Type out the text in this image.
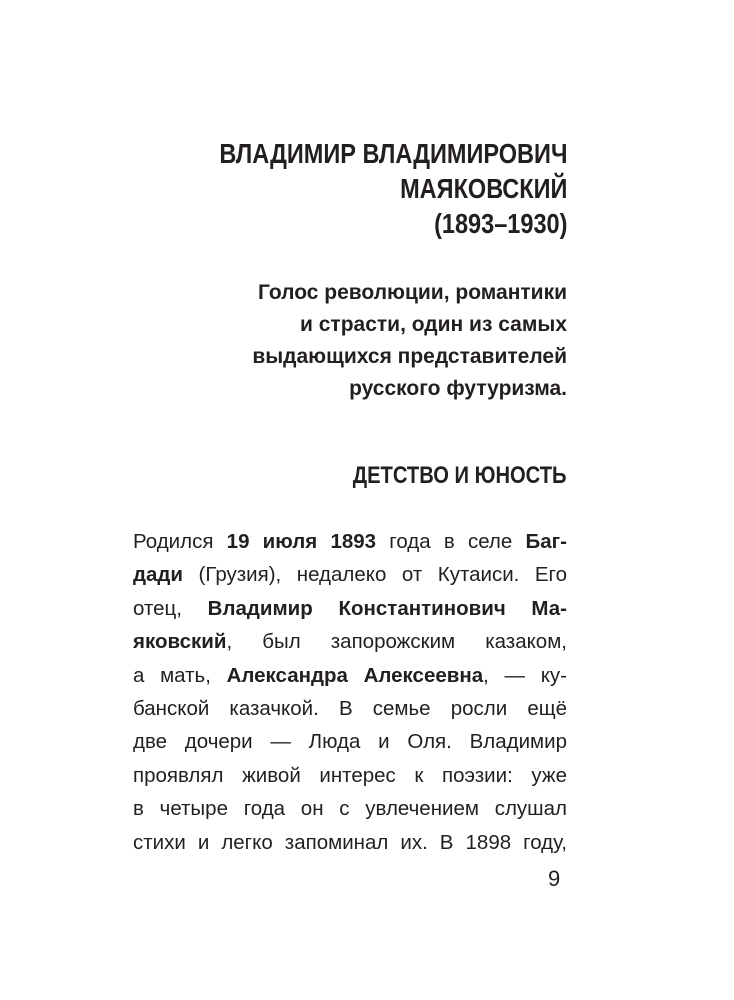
ВЛАДИМИР ВЛАДИМИРОВИЧ
МАЯКОВСКИЙ
(1893–1930)
Голос революции, романтики
и страсти, один из самых
выдающихся представителей
русского футуризма.
ДЕТСТВО И ЮНОСТЬ
Родился 19 июля 1893 года в селе Баг-
дади (Грузия), недалеко от Кутаиси. Его
отец, Владимир Константинович Ма-
яковский, был запорожским казаком,
а мать, Александра Алексеевна, — ку-
банской казачкой. В семье росли ещё
две дочери — Люда и Оля. Владимир
проявлял живой интерес к поэзии: уже
в четыре года он с увлечением слушал
стихи и легко запоминал их. В 1898 году,
9
